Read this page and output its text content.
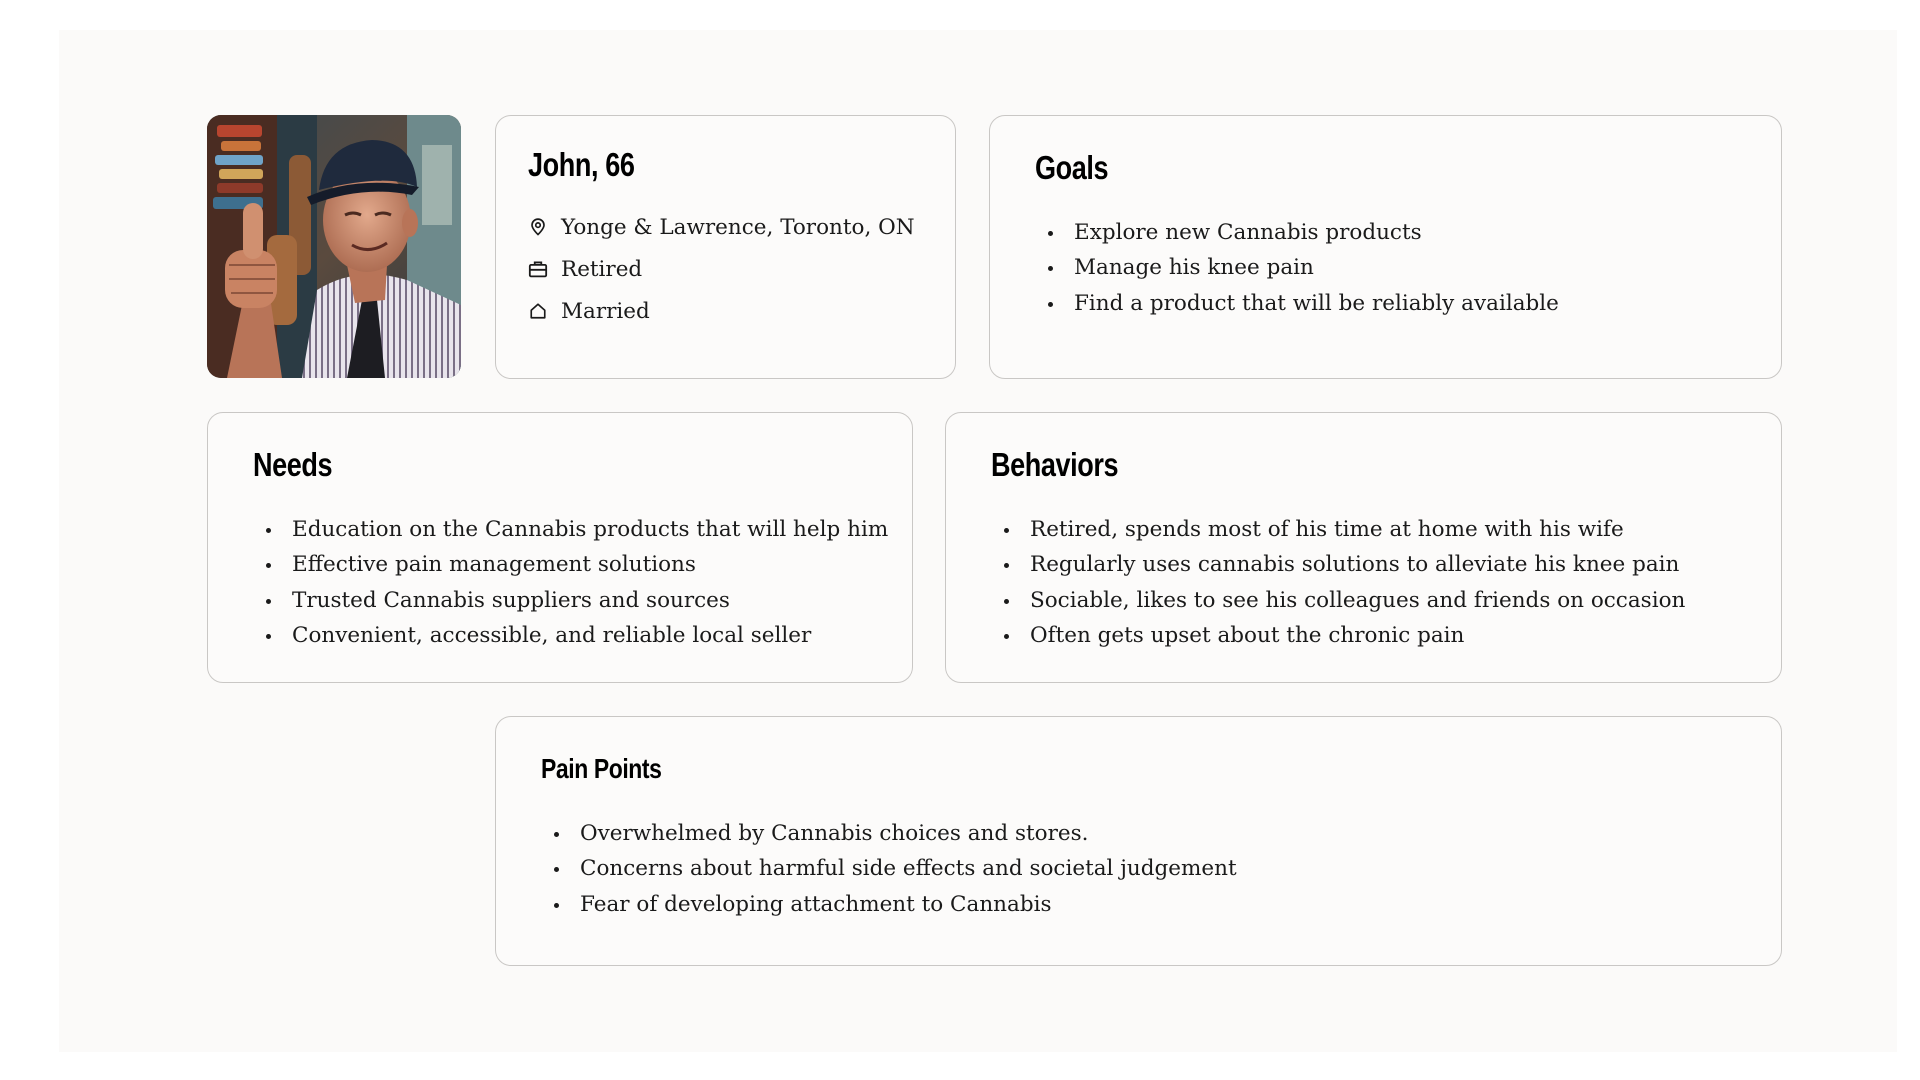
John, 66
Yonge & Lawrence, Toronto, ON
Retired
Married
Goals
Explore new Cannabis products
Manage his knee pain
Find a product that will be reliably available
Needs
Education on the Cannabis products that will help him
Effective pain management solutions
Trusted Cannabis suppliers and sources
Convenient, accessible, and reliable local seller
Behaviors
Retired, spends most of his time at home with his wife
Regularly uses cannabis solutions to alleviate his knee pain
Sociable, likes to see his colleagues and friends on occasion
Often gets upset about the chronic pain
Pain Points
Overwhelmed by Cannabis choices and stores.
Concerns about harmful side effects and societal judgement
Fear of developing attachment to Cannabis
